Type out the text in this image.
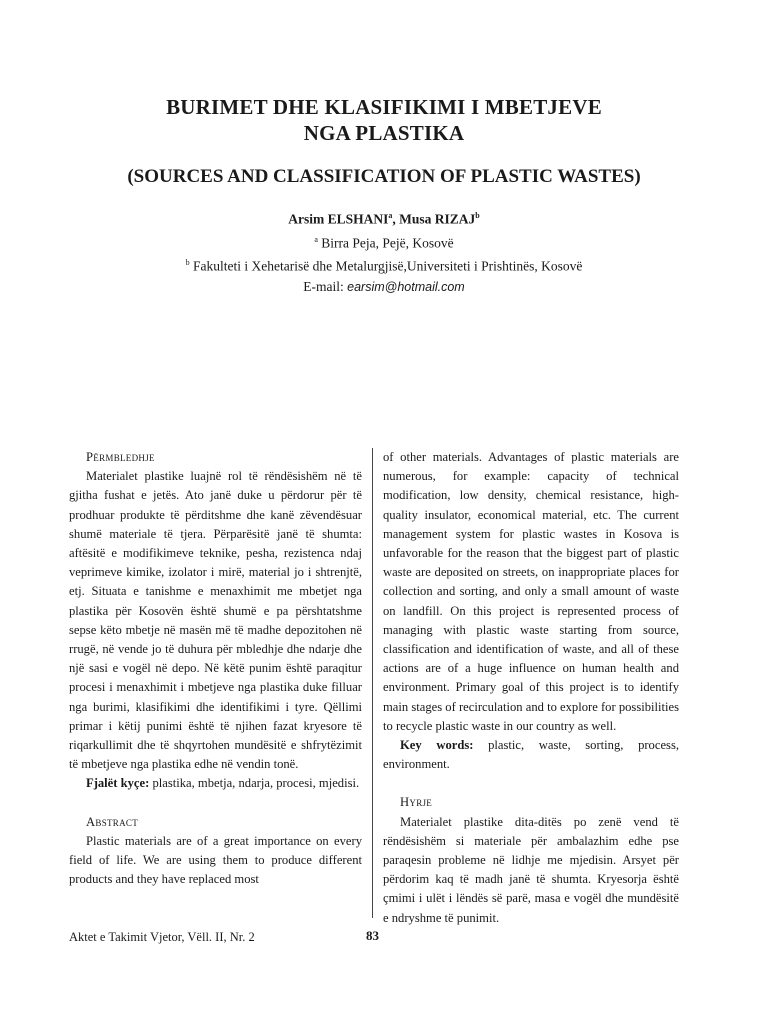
BURIMET DHE KLASIFIKIMI I MBETJEVE
NGA PLASTIKA
(SOURCES AND CLASSIFICATION OF PLASTIC WASTES)
Arsim ELSHANI$^a$, Musa RIZAJ$^b$
$^a$ Birra Peja, Pejë, Kosovë
$^b$ Fakulteti i Xehetarisë dhe Metalurgjisë,Universiteti i Prishtinës, Kosovë
E-mail: earsim@hotmail.com
Përmbledhje

Materialet plastike luajnë rol të rëndësishëm në të gjitha fushat e jetës. Ato janë duke u përdorur për të prodhuar produkte të përditshme dhe kanë zëvendësuar shumë materiale të tjera. Përparësitë janë të shumta: aftësitë e modifikimeve teknike, pesha, rezistenca ndaj veprimeve kimike, izolator i mirë, material jo i shtrenjtë, etj. Situata e tanishme e menaxhimit me mbetjet nga plastika për Kosovën është shumë e pa përshtatshme sepse këto mbetje në masën më të madhe depozitohen në rrugë, në vende jo të duhura për mbledhje dhe ndarje dhe një sasi e vogël në depo. Në këtë punim është paraqitur procesi i menaxhimit i mbetjeve nga plastika duke filluar nga burimi, klasifikimi dhe identifikimi i tyre. Qëllimi primar i këtij punimi është të njihen fazat kryesore të riqarkullimit dhe të shqyrtohen mundësitë e shfrytëzimit të mbetjeve nga plastika edhe në vendin tonë.

Fjalët kyçe: plastika, mbetja, ndarja, procesi, mjedisi.

Abstract

Plastic materials are of a great importance on every field of life. We are using them to produce different products and they have replaced most

of other materials. Advantages of plastic materials are numerous, for example: capacity of technical modification, low density, chemical resistance, high-quality insulator, economical material, etc. The current management system for plastic wastes in Kosova is unfavorable for the reason that the biggest part of plastic waste are deposited on streets, on inappropriate places for collection and sorting, and only a small amount of waste on landfill. On this project is represented process of managing with plastic waste starting from source, classification and identification of waste, and all of these actions are of a huge influence on human health and environment. Primary goal of this project is to identify main stages of recirculation and to explore for possibilities to recycle plastic waste in our country as well.

Key words: plastic, waste, sorting, process, environment.

Hyrje

Materialet plastike dita-ditës po zenë vend të rëndësishëm si materiale për ambalazhim edhe pse paraqesin probleme në lidhje me mjedisin. Arsyet për përdorim kaq të madh janë të shumta. Kryesorja është çmimi i ulët i lëndës së parë, masa e vogël dhe mundësitë e ndryshme të punimit.

Aktet e Takimit Vjetor, Vëll. II, Nr. 2	83
